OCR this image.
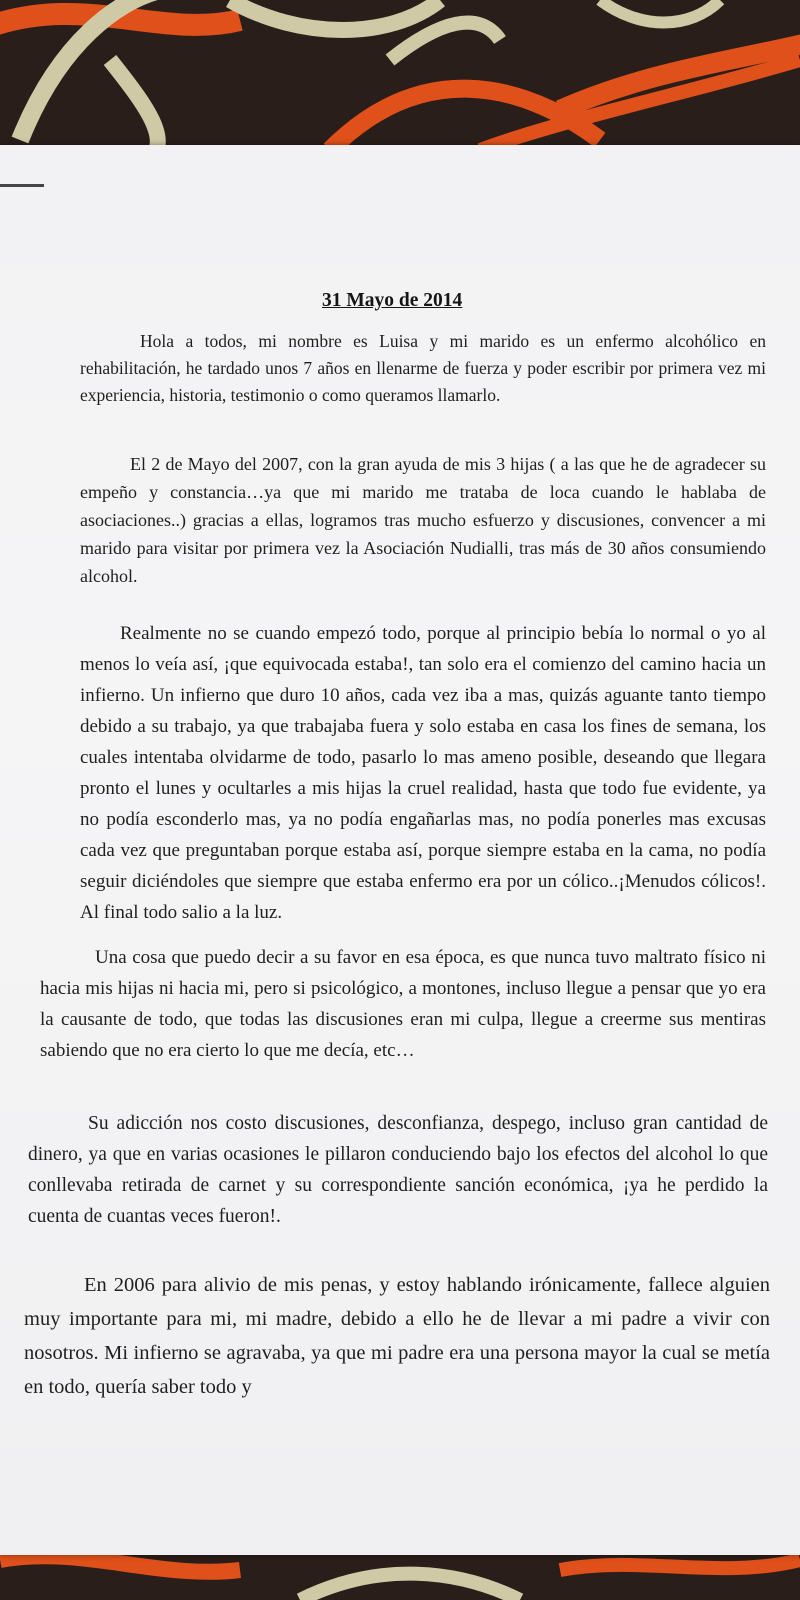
31 Mayo de 2014

Hola a todos, mi nombre es Luisa y mi marido es un enfermo alcohólico en rehabilitación, he tardado unos 7 años en llenarme de fuerza y poder escribir por primera vez mi experiencia, historia, testimonio o como queramos llamarlo.

El 2 de Mayo del 2007, con la gran ayuda de mis 3 hijas ( a las que he de agradecer su empeño y constancia…ya que mi marido me trataba de loca cuando le hablaba de asociaciones..) gracias a ellas, logramos tras mucho esfuerzo y discusiones, convencer a mi marido para visitar por primera vez la Asociación Nudialli, tras más de 30 años consumiendo alcohol.

Realmente no se cuando empezó todo, porque al principio bebía lo normal o yo al menos lo veía así, ¡que equivocada estaba!, tan solo era el comienzo del camino hacia un infierno. Un infierno que duro 10 años, cada vez iba a mas, quizás aguante tanto tiempo debido a su trabajo, ya que trabajaba fuera y solo estaba en casa los fines de semana, los cuales intentaba olvidarme de todo, pasarlo lo mas ameno posible, deseando que llegara pronto el lunes y ocultarles a mis hijas la cruel realidad, hasta que todo fue evidente, ya no podía esconderlo mas, ya no podía engañarlas mas, no podía ponerles mas excusas cada vez que preguntaban porque estaba así, porque siempre estaba en la cama, no podía seguir diciéndoles que siempre que estaba enfermo era por un cólico..¡Menudos cólicos!. Al final todo salio a la luz.

Una cosa que puedo decir a su favor en esa época, es que nunca tuvo maltrato físico ni hacia mis hijas ni hacia mi, pero si psicológico, a montones, incluso llegue a pensar que yo era la causante de todo, que todas las discusiones eran mi culpa, llegue a creerme sus mentiras sabiendo que no era cierto lo que me decía, etc…

Su adicción nos costo discusiones, desconfianza, despego, incluso gran cantidad de dinero, ya que en varias ocasiones le pillaron conduciendo bajo los efectos del alcohol lo que conllevaba retirada de carnet y su correspondiente sanción económica, ¡ya he perdido la cuenta de cuantas veces fueron!.

En 2006 para alivio de mis penas, y estoy hablando irónicamente, fallece alguien muy importante para mi, mi madre, debido a ello he de llevar a mi padre a vivir con nosotros. Mi infierno se agravaba, ya que mi padre era una persona mayor la cual se metía en todo, quería saber todo y
